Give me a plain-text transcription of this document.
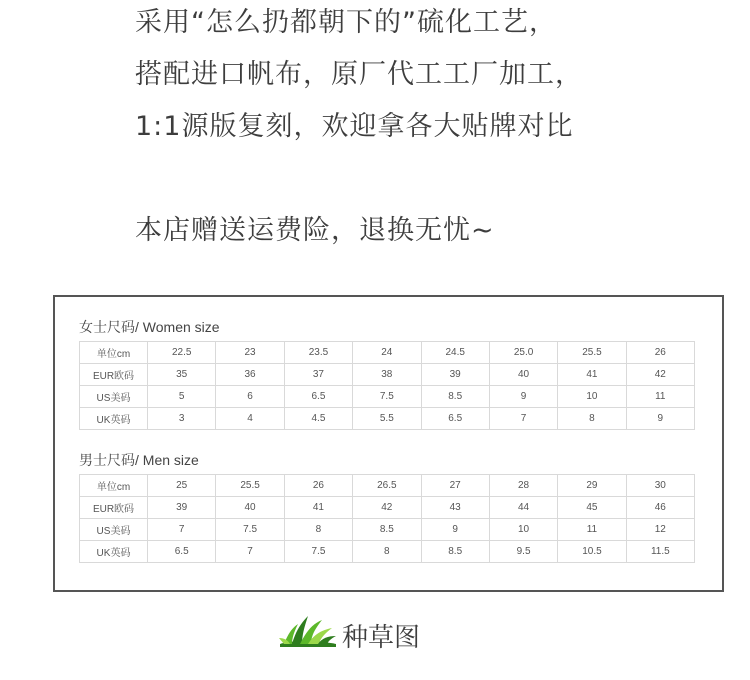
采用“怎么扔都朝下的”硫化工艺，
搭配进口帆布，原厂代工工厂加工，
1:1源版复刻，欢迎拿各大贴牌对比
本店赠送运费险，退换无忧~
女士尺码/ Women size
单位cm	22.5	23	23.5	24	24.5	25.0	25.5	26
EUR欧码	35	36	37	38	39	40	41	42
US美码	5	6	6.5	7.5	8.5	9	10	11
UK英码	3	4	4.5	5.5	6.5	7	8	9
男士尺码/ Men size
单位cm	25	25.5	26	26.5	27	28	29	30
EUR欧码	39	40	41	42	43	44	45	46
US美码	7	7.5	8	8.5	9	10	11	12
UK英码	6.5	7	7.5	8	8.5	9.5	10.5	11.5
种草图
